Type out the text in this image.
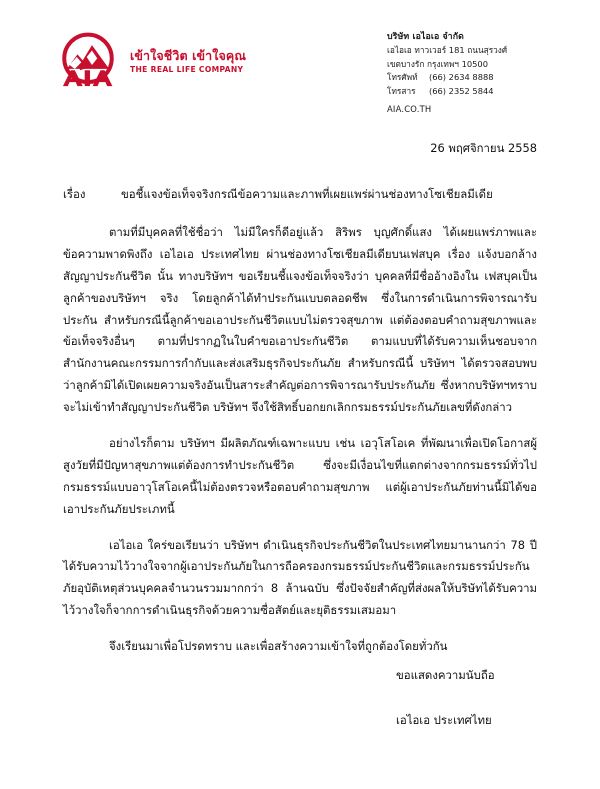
เข้าใจชีวิต เข้าใจคุณ
THE REAL LIFE COMPANY
บริษัท เอไอเอ จำกัด
เอไอเอ ทาวเวอร์ 181 ถนนสุรวงศ์
เขตบางรัก กรุงเทพฯ 10500
โทรศัพท์ (66) 2634 8888
โทรสาร (66) 2352 5844
AIA.CO.TH
26 พฤศจิกายน 2558
เรื่อง	ขอชี้แจงข้อเท็จจริงกรณีข้อความและภาพที่เผยแพร่ผ่านช่องทางโซเชียลมีเดีย

ตามที่มีบุคคลที่ใช้ชื่อว่า ไม่มีใครก็ดีอยู่แล้ว สิริพร บุญศักดิ์แสง ได้เผยแพร่ภาพและข้อความพาดพิงถึง เอไอเอ ประเทศไทย ผ่านช่องทางโซเชียลมีเดียบนเฟสบุค เรื่อง แจ้งบอกล้างสัญญาประกันชีวิต นั้น ทางบริษัทฯ ขอเรียนชี้แจงข้อเท็จจริงว่า บุคคลที่มีชื่ออ้างอิงใน เฟสบุคเป็นลูกค้าของบริษัทฯ จริง โดยลูกค้าได้ทำประกันแบบตลอดชีพ ซึ่งในการดำเนินการพิจารณารับประกัน สำหรับกรณีนี้ลูกค้าขอเอาประกันชีวิตแบบไม่ตรวจสุขภาพ แต่ต้องตอบคำถามสุขภาพและข้อเท็จจริงอื่นๆ ตามที่ปรากฏในใบคำขอเอาประกันชีวิต ตามแบบที่ได้รับความเห็นชอบจากสำนักงานคณะกรรมการกำกับและส่งเสริมธุรกิจประกันภัย สำหรับกรณีนี้ บริษัทฯ ได้ตรวจสอบพบว่าลูกค้ามิได้เปิดเผยความจริงอันเป็นสาระสำคัญต่อการพิจารณารับประกันภัย ซึ่งหากบริษัทฯทราบจะไม่เข้าทำสัญญาประกันชีวิต บริษัทฯ จึงใช้สิทธิ์บอกยกเลิกกรมธรรม์ประกันภัยเลขที่ดังกล่าว

อย่างไรก็ตาม บริษัทฯ มีผลิตภัณฑ์เฉพาะแบบ เช่น เอวุโสโอเค ที่พัฒนาเพื่อเปิดโอกาสผู้สูงวัยที่มีปัญหาสุขภาพแต่ต้องการทำประกันชีวิต ซึ่งจะมีเงื่อนไขที่แตกต่างจากกรมธรรม์ทั่วไป กรมธรรม์แบบอาวุโสโอเคนี้ไม่ต้องตรวจหรือตอบคำถามสุขภาพ แต่ผู้เอาประกันภัยท่านนี้มิได้ขอเอาประกันภัยประเภทนี้

เอไอเอ ใคร่ขอเรียนว่า บริษัทฯ ดำเนินธุรกิจประกันชีวิตในประเทศไทยมานานกว่า 78 ปี ได้รับความไว้วางใจจากผู้เอาประกันภัยในการถือครองกรมธรรม์ประกันชีวิตและกรมธรรม์ประกันภัยอุบัติเหตุส่วนบุคคลจำนวนรวมมากกว่า 8 ล้านฉบับ ซึ่งปัจจัยสำคัญที่ส่งผลให้บริษัทได้รับความไว้วางใจก็จากการดำเนินธุรกิจด้วยความซื่อสัตย์และยุติธรรมเสมอมา

จึงเรียนมาเพื่อโปรดทราบ และเพื่อสร้างความเข้าใจที่ถูกต้องโดยทั่วกัน

ขอแสดงความนับถือ
เอไอเอ ประเทศไทย
